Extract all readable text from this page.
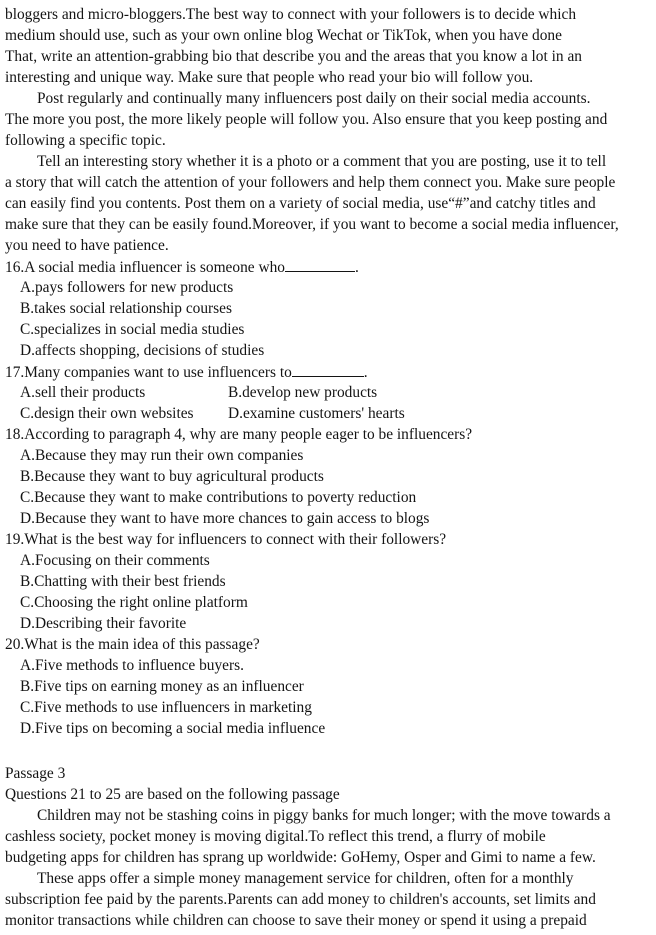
bloggers and micro-bloggers.The best way to connect with your followers is to decide which
medium should use, such as your own online blog Wechat or TikTok, when you have done
That, write an attention-grabbing bio that describe you and the areas that you know a lot in an
interesting and unique way. Make sure that people who read your bio will follow you.
Post regularly and continually many influencers post daily on their social media accounts.
The more you post, the more likely people will follow you. Also ensure that you keep posting and
following a specific topic.
Tell an interesting story whether it is a photo or a comment that you are posting, use it to tell
a story that will catch the attention of your followers and help them connect you. Make sure people
can easily find you contents. Post them on a variety of social media, use“#”and catchy titles and
make sure that they can be easily found.Moreover, if you want to become a social media influencer,
you need to have patience.
16.A social media influencer is someone who	.
A.pays followers for new products
B.takes social relationship courses
C.specializes in social media studies
D.affects shopping, decisions of studies
17.Many companies want to use influencers to	.
A.sell their products	B.develop new products
C.design their own websites D.examine customers' hearts
18.According to paragraph 4, why are many people eager to be influencers?
A.Because they may run their own companies
B.Because they want to buy agricultural products
C.Because they want to make contributions to poverty reduction
D.Because they want to have more chances to gain access to blogs
19.What is the best way for influencers to connect with their followers?
A.Focusing on their comments
B.Chatting with their best friends
C.Choosing the right online platform
D.Describing their favorite
20.What is the main idea of this passage?
A.Five methods to influence buyers.
B.Five tips on earning money as an influencer
C.Five methods to use influencers in marketing
D.Five tips on becoming a social media influence
Passage 3
Questions 21 to 25 are based on the following passage
Children may not be stashing coins in piggy banks for much longer; with the move towards a
cashless society, pocket money is moving digital.To reflect this trend, a flurry of mobile
budgeting apps for children has sprang up worldwide: GoHemy, Osper and Gimi to name a few.
These apps offer a simple money management service for children, often for a monthly
subscription fee paid by the parents.Parents can add money to children's accounts, set limits and
monitor transactions while children can choose to save their money or spend it using a prepaid
